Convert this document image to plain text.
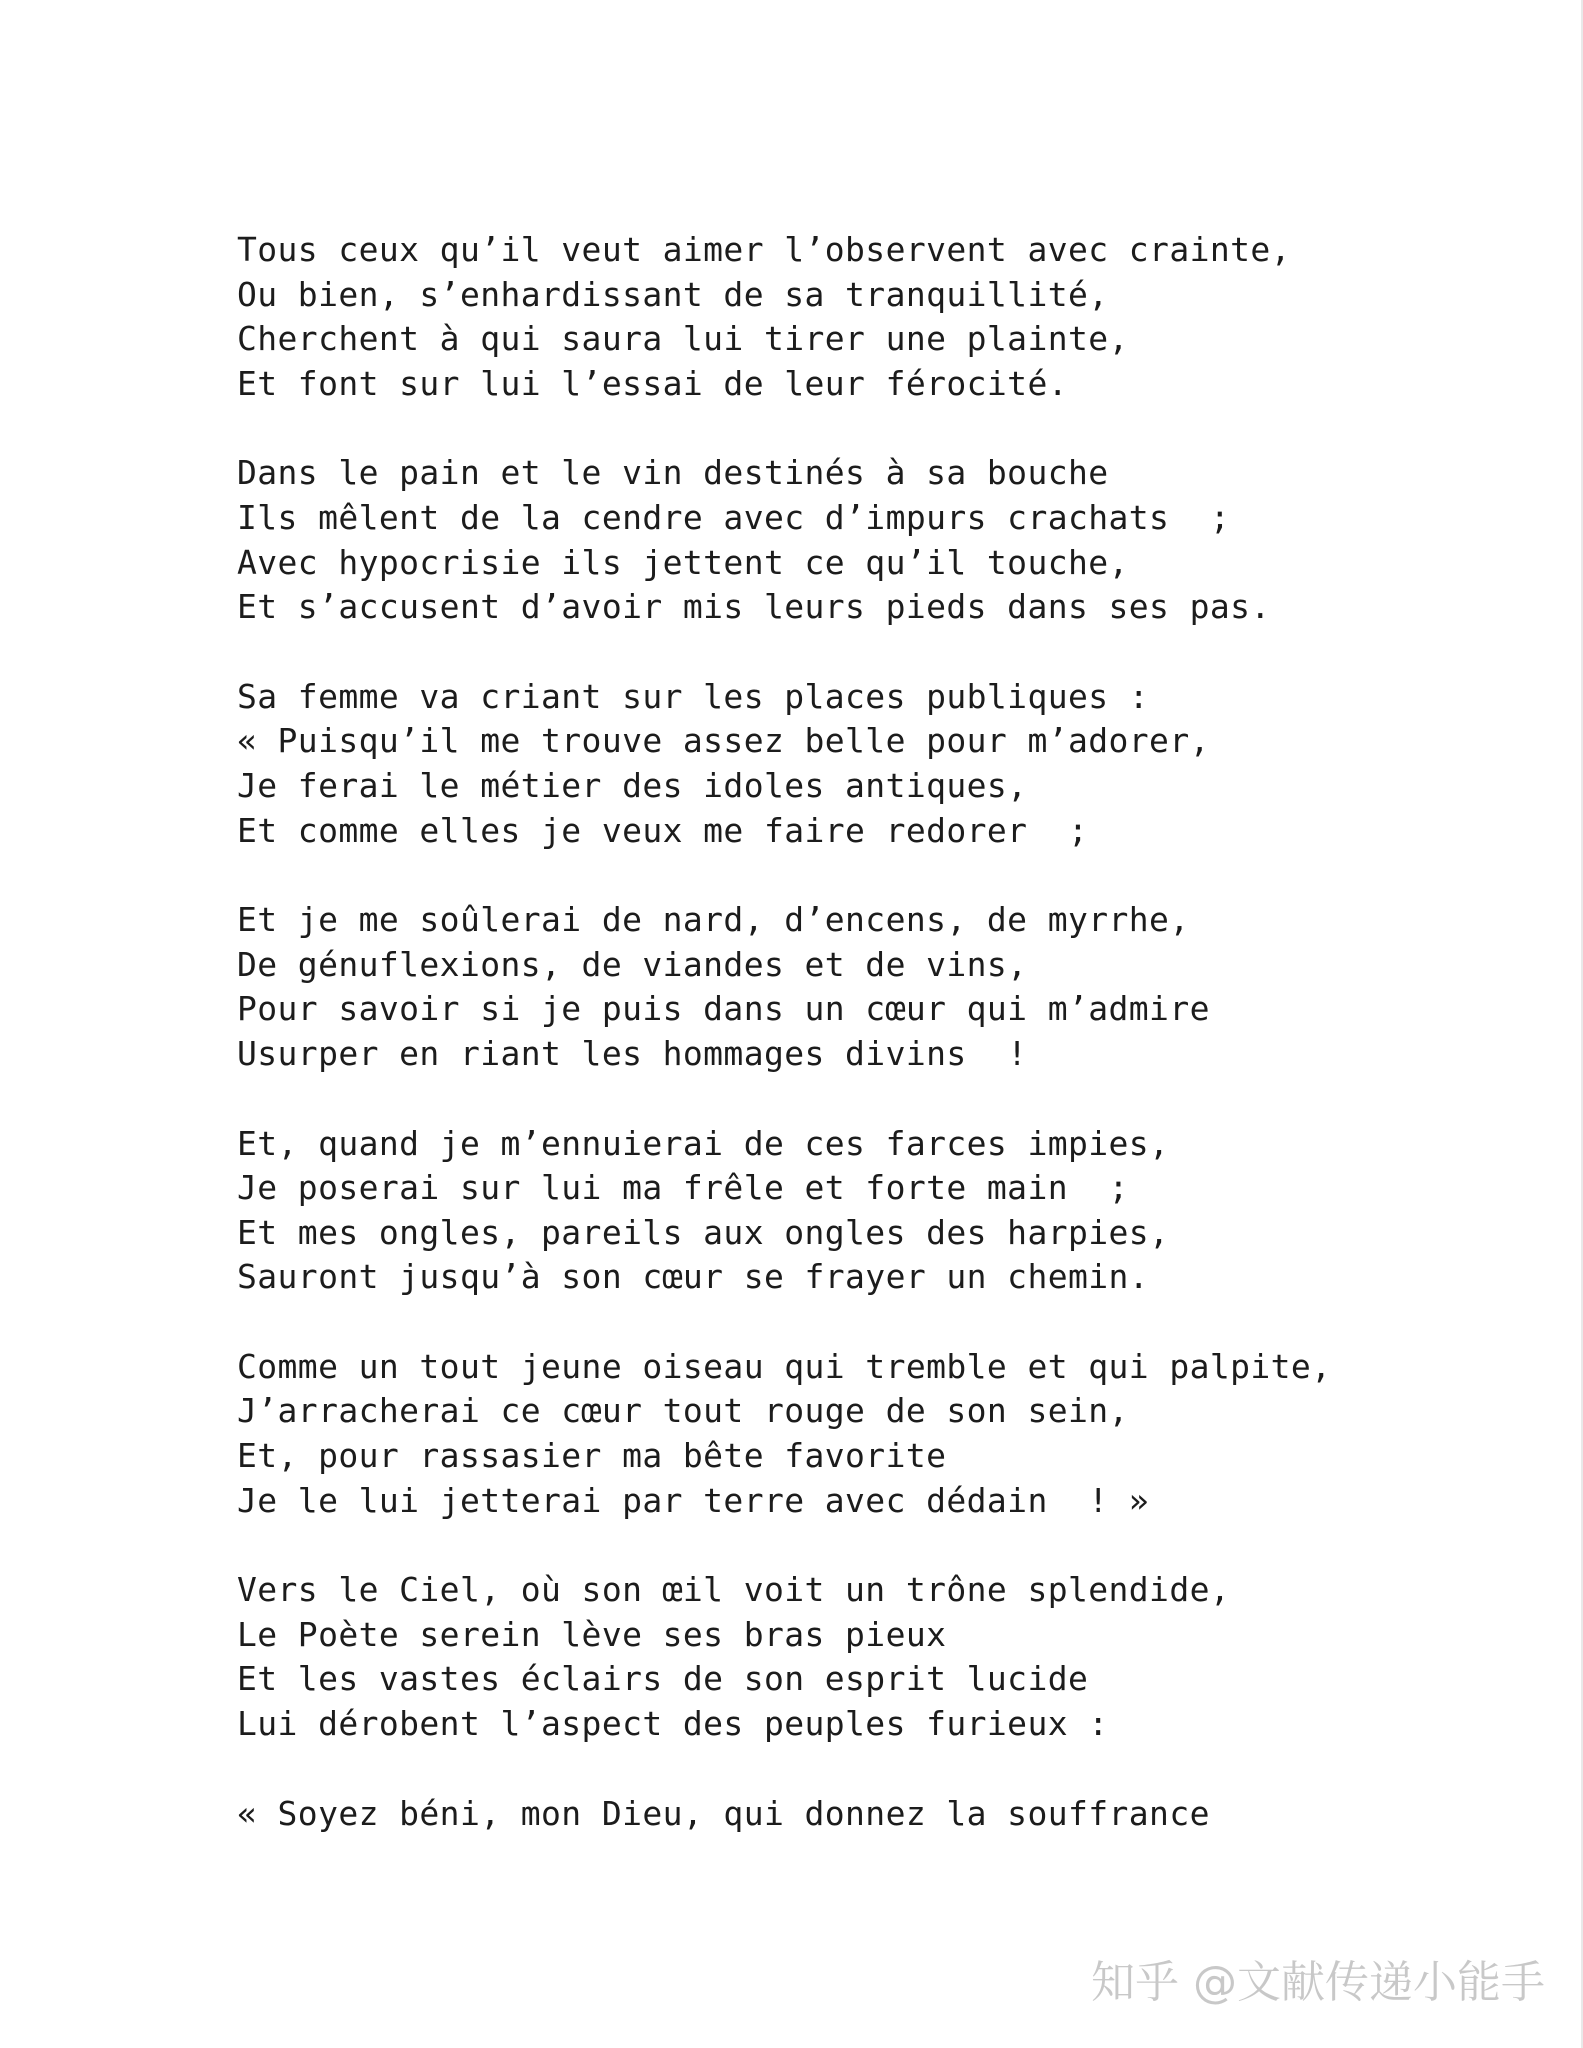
Tous ceux qu’il veut aimer l’observent avec crainte,
Ou bien, s’enhardissant de sa tranquillité,
Cherchent à qui saura lui tirer une plainte,
Et font sur lui l’essai de leur férocité.
Dans le pain et le vin destinés à sa bouche
Ils mêlent de la cendre avec d’impurs crachats  ;
Avec hypocrisie ils jettent ce qu’il touche,
Et s’accusent d’avoir mis leurs pieds dans ses pas.
Sa femme va criant sur les places publiques :
« Puisqu’il me trouve assez belle pour m’adorer,
Je ferai le métier des idoles antiques,
Et comme elles je veux me faire redorer  ;
Et je me soûlerai de nard, d’encens, de myrrhe,
De génuflexions, de viandes et de vins,
Pour savoir si je puis dans un cœur qui m’admire
Usurper en riant les hommages divins  !
Et, quand je m’ennuierai de ces farces impies,
Je poserai sur lui ma frêle et forte main  ;
Et mes ongles, pareils aux ongles des harpies,
Sauront jusqu’à son cœur se frayer un chemin.
Comme un tout jeune oiseau qui tremble et qui palpite,
J’arracherai ce cœur tout rouge de son sein,
Et, pour rassasier ma bête favorite
Je le lui jetterai par terre avec dédain  ! »
Vers le Ciel, où son œil voit un trône splendide,
Le Poète serein lève ses bras pieux
Et les vastes éclairs de son esprit lucide
Lui dérobent l’aspect des peuples furieux :
« Soyez béni, mon Dieu, qui donnez la souffrance
知乎 @文献传递小能手
